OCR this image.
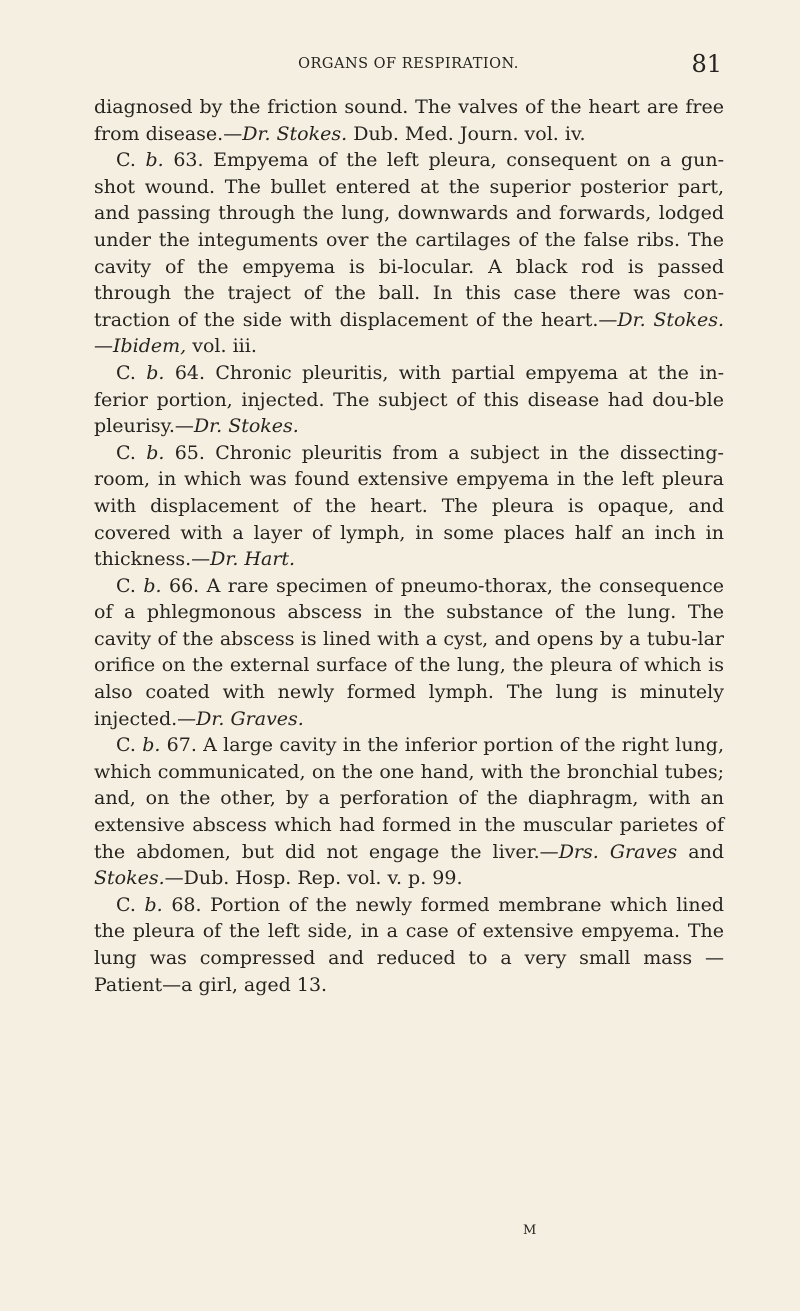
ORGANS OF RESPIRATION.	81

diagnosed by the friction sound. The valves of the heart are free from disease.—Dr. Stokes. Dub. Med. Journ. vol. iv.

C. b. 63. Empyema of the left pleura, consequent on a gun-shot wound. The bullet entered at the superior posterior part, and passing through the lung, downwards and forwards, lodged under the integuments over the cartilages of the false ribs. The cavity of the empyema is bi-locular. A black rod is passed through the traject of the ball. In this case there was con-traction of the side with displacement of the heart.—Dr. Stokes. —Ibidem, vol. iii.

C. b. 64. Chronic pleuritis, with partial empyema at the in-ferior portion, injected. The subject of this disease had dou-ble pleurisy.—Dr. Stokes.

C. b. 65. Chronic pleuritis from a subject in the dissecting-room, in which was found extensive empyema in the left pleura with displacement of the heart. The pleura is opaque, and covered with a layer of lymph, in some places half an inch in thickness.—Dr. Hart.

C. b. 66. A rare specimen of pneumo-thorax, the consequence of a phlegmonous abscess in the substance of the lung. The cavity of the abscess is lined with a cyst, and opens by a tubu-lar orifice on the external surface of the lung, the pleura of which is also coated with newly formed lymph. The lung is minutely injected.—Dr. Graves.

C. b. 67. A large cavity in the inferior portion of the right lung, which communicated, on the one hand, with the bronchial tubes; and, on the other, by a perforation of the diaphragm, with an extensive abscess which had formed in the muscular parietes of the abdomen, but did not engage the liver.—Drs. Graves and Stokes.—Dub. Hosp. Rep. vol. v. p. 99.

C. b. 68. Portion of the newly formed membrane which lined the pleura of the left side, in a case of extensive empyema. The lung was compressed and reduced to a very small mass — Patient—a girl, aged 13.

M
